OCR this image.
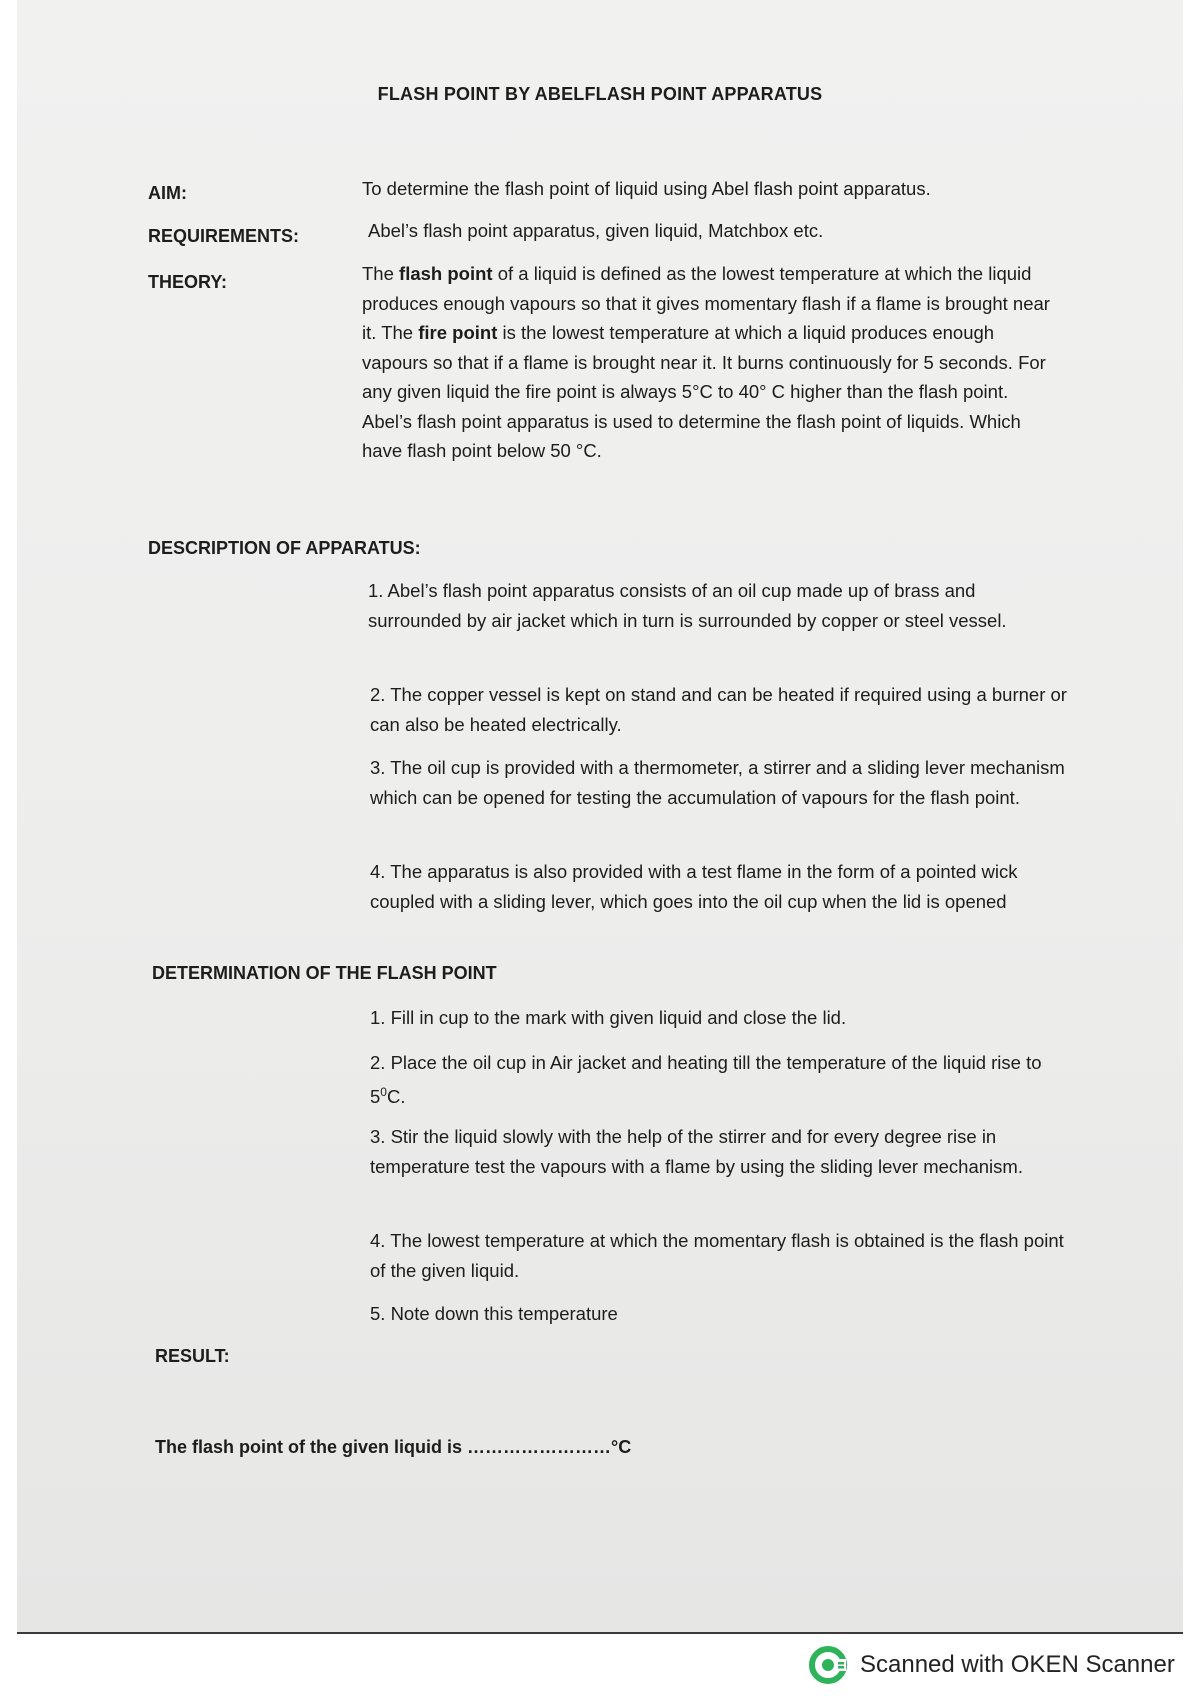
FLASH POINT BY ABELFLASH POINT APPARATUS
AIM:	To determine the flash point of liquid using Abel flash point apparatus.
REQUIREMENTS:	Abel’s flash point apparatus, given liquid, Matchbox etc.
THEORY:	The flash point of a liquid is defined as the lowest temperature at which the liquid produces enough vapours so that it gives momentary flash if a flame is brought near it. The fire point is the lowest temperature at which a liquid produces enough vapours so that if a flame is brought near it. It burns continuously for 5 seconds. For any given liquid the fire point is always 5°C to 40° C higher than the flash point. Abel’s flash point apparatus is used to determine the flash point of liquids. Which have flash point below 50 °C.
DESCRIPTION OF APPARATUS:
1. Abel’s flash point apparatus consists of an oil cup made up of brass and surrounded by air jacket which in turn is surrounded by copper or steel vessel.
2. The copper vessel is kept on stand and can be heated if required using a burner or can also be heated electrically.
3. The oil cup is provided with a thermometer, a stirrer and a sliding lever mechanism which can be opened for testing the accumulation of vapours for the flash point.
4. The apparatus is also provided with a test flame in the form of a pointed wick coupled with a sliding lever, which goes into the oil cup when the lid is opened
DETERMINATION OF THE FLASH POINT
1. Fill in cup to the mark with given liquid and close the lid.
2. Place the oil cup in Air jacket and heating till the temperature of the liquid rise to $5^0C$.
3. Stir the liquid slowly with the help of the stirrer and for every degree rise in temperature test the vapours with a flame by using the sliding lever mechanism.
4. The lowest temperature at which the momentary flash is obtained is the flash point of the given liquid.
5. Note down this temperature
RESULT:
The flash point of the given liquid is ……………………°C
Scanned with OKEN Scanner
